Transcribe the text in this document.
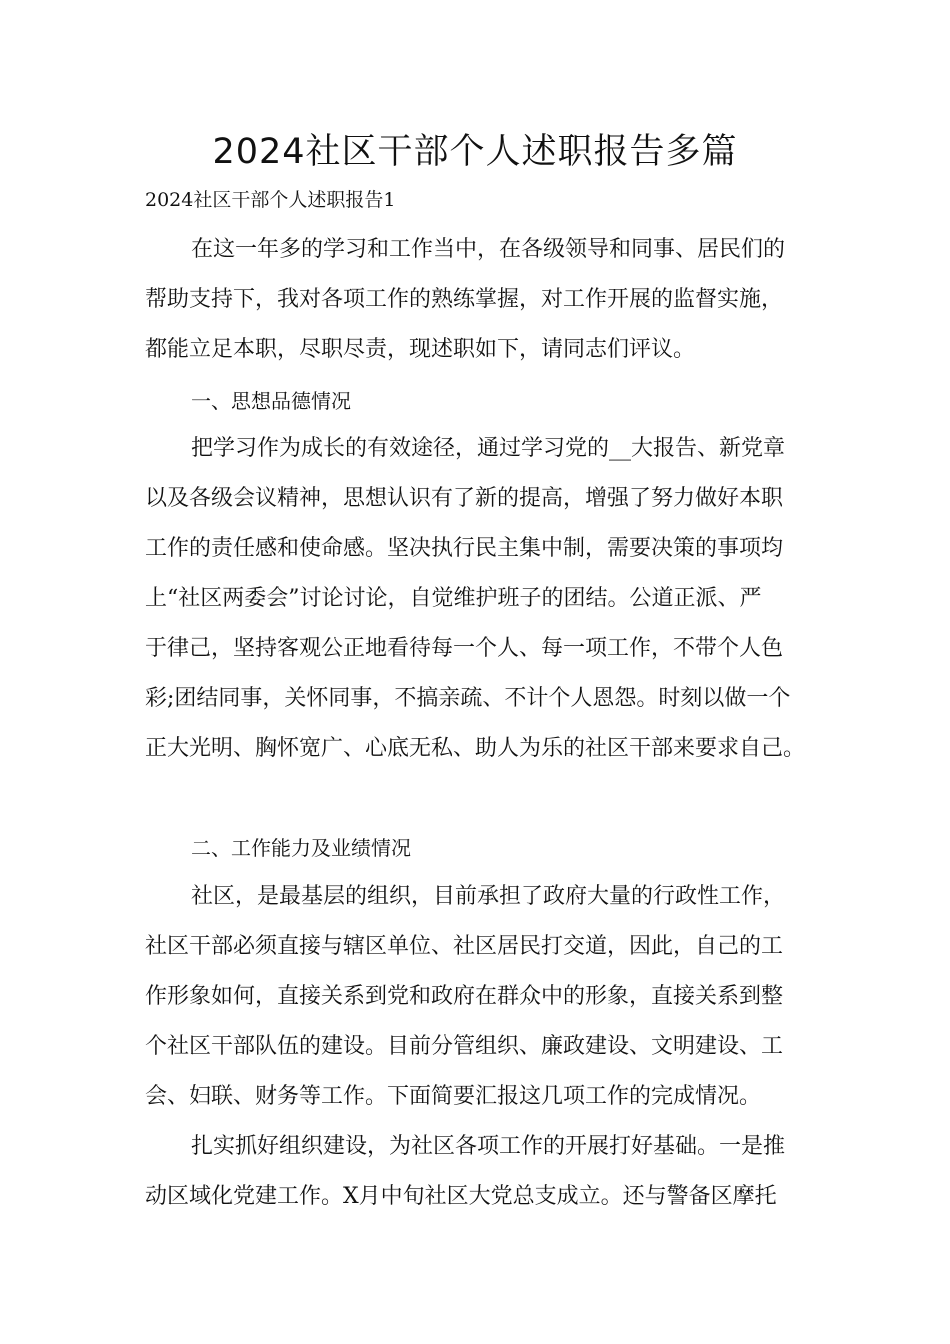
2024社区干部个人述职报告多篇

2024社区干部个人述职报告1

在这一年多的学习和工作当中，在各级领导和同事、居民们的

帮助支持下，我对各项工作的熟练掌握，对工作开展的监督实施，

都能立足本职，尽职尽责，现述职如下，请同志们评议。

一、思想品德情况

把学习作为成长的有效途径，通过学习党的__大报告、新党章

以及各级会议精神，思想认识有了新的提高，增强了努力做好本职

工作的责任感和使命感。坚决执行民主集中制，需要决策的事项均

上“社区两委会”讨论讨论，自觉维护班子的团结。公道正派、严

于律己，坚持客观公正地看待每一个人、每一项工作，不带个人色

彩;团结同事，关怀同事，不搞亲疏、不计个人恩怨。时刻以做一个

正大光明、胸怀宽广、心底无私、助人为乐的社区干部来要求自己。

二、工作能力及业绩情况

社区，是最基层的组织，目前承担了政府大量的行政性工作，

社区干部必须直接与辖区单位、社区居民打交道，因此，自己的工

作形象如何，直接关系到党和政府在群众中的形象，直接关系到整

个社区干部队伍的建设。目前分管组织、廉政建设、文明建设、工

会、妇联、财务等工作。下面简要汇报这几项工作的完成情况。

扎实抓好组织建设，为社区各项工作的开展打好基础。一是推

动区域化党建工作。X月中旬社区大党总支成立。还与警备区摩托
